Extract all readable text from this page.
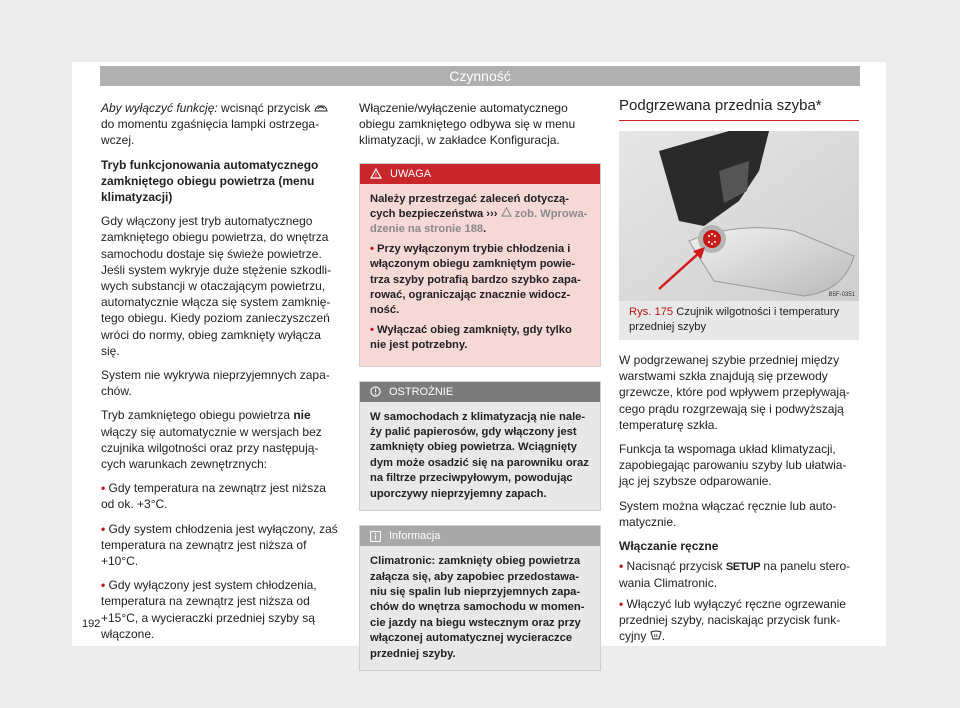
Czynność

Aby wyłączyć funkcję: wcisnąć przycisk  do momentu zgaśnięcia lampki ostrzega-wczej.

Tryb funkcjonowania automatycznego zamkniętego obiegu powietrza (menu klimatyzacji)

Gdy włączony jest tryb automatycznego zamkniętego obiegu powietrza, do wnętrza samochodu dostaje się świeże powietrze. Jeśli system wykryje duże stężenie szkodli-wych substancji w otaczającym powietrzu, automatycznie włącza się system zamknię-tego obiegu. Kiedy poziom zanieczyszczeń wróci do normy, obieg zamknięty wyłącza się.

System nie wykrywa nieprzyjemnych zapa-chów.

Tryb zamkniętego obiegu powietrza nie włączy się automatycznie w wersjach bez czujnika wilgotności oraz przy następują-cych warunkach zewnętrznych:

• Gdy temperatura na zewnątrz jest niższa od ok. +3°C.

• Gdy system chłodzenia jest wyłączony, zaś temperatura na zewnątrz jest niższa of +10°C.

• Gdy wyłączony jest system chłodzenia, temperatura na zewnątrz jest niższa od +15°C, a wycieraczki przedniej szyby są włączone.

Włączenie/wyłączenie automatycznego obiegu zamkniętego odbywa się w menu klimatyzacji, w zakładce Konfiguracja.

! UWAGA

Należy przestrzegać zaleceń dotyczą-cych bezpieczeństwa ›››  zob. Wprowa-dzenie na stronie 188.

• Przy wyłączonym trybie chłodzenia i włączonym obiegu zamkniętym powie-trza szyby potrafią bardzo szybko zapa-rować, ograniczając znacznie widocz-ność.

• Wyłączać obieg zamknięty, gdy tylko nie jest potrzebny.

OSTROŻNIE
W samochodach z klimatyzacją nie nale-ży palić papierosów, gdy włączony jest zamknięty obieg powietrza. Wciągnięty dym może osadzić się na parowniku oraz na filtrze przeciwpyłowym, powodując uporczywy nieprzyjemny zapach.
Informacja
Climatronic: zamknięty obieg powietrza załącza się, aby zapobiec przedostawa-niu się spalin lub nieprzyjemnych zapa-chów do wnętrza samochodu w momen-cie jazdy na biegu wstecznym oraz przy włączonej automatycznej wycieraczce przedniej szyby.
Podgrzewana przednia szyba*
B5F-0351
Rys. 175 Czujnik wilgotności i temperatury przedniej szyby

W podgrzewanej szybie przedniej między warstwami szkła znajdują się przewody grzewcze, które pod wpływem przepływają-cego prądu rozgrzewają się i podwyższają temperaturę szkła.

Funkcja ta wspomaga układ klimatyzacji, zapobiegając parowaniu szyby lub ułatwia-jąc jej szybsze odparowanie.

System można włączać ręcznie lub auto-matycznie.

Włączanie ręczne

• Nacisnąć przycisk SETUP na panelu stero-wania Climatronic.

• Włączyć lub wyłączyć ręczne ogrzewanie przedniej szyby, naciskając przycisk funk-cyjny .

192
